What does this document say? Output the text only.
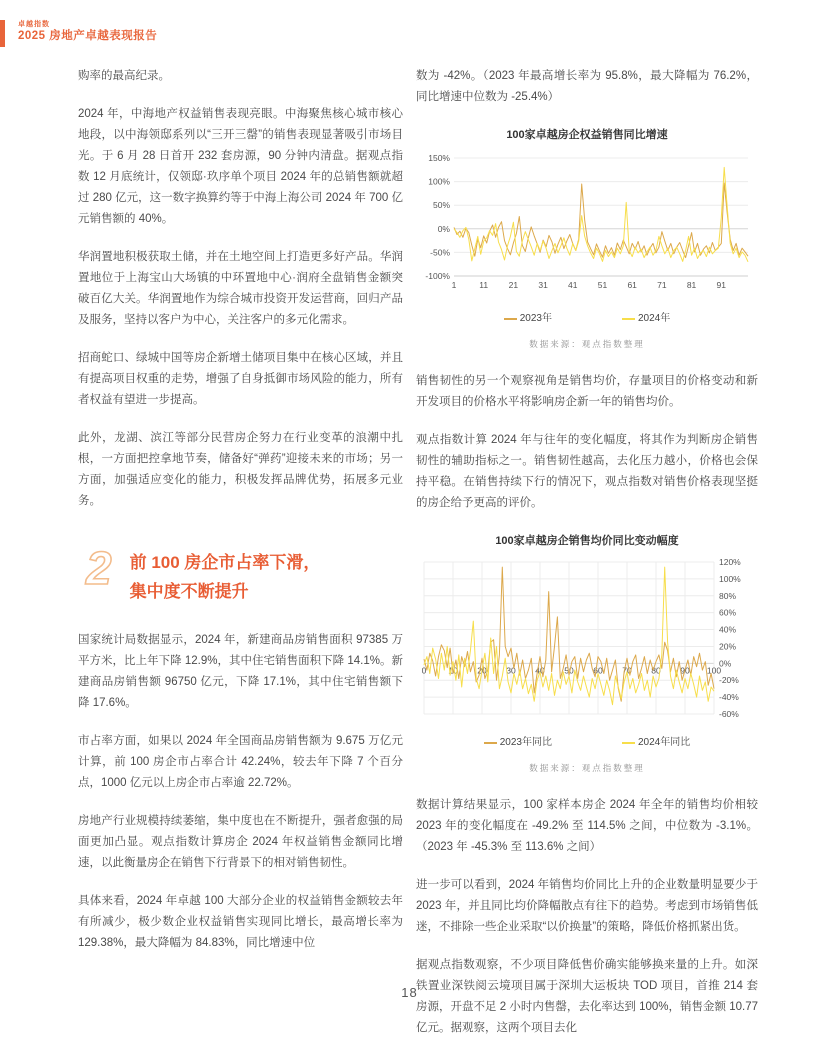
卓越指数
2025 房地产卓越表现报告

购率的最高纪录。

2024 年，中海地产权益销售表现亮眼。中海聚焦核心城市核心地段，以中海领邸系列以“三开三罄”的销售表现显著吸引市场目光。于 6 月 28 日首开 232 套房源，90 分钟内清盘。据观点指数 12 月底统计，仅领邸·玖序单个项目 2024 年的总销售额就超过 280 亿元，这一数字换算约等于中海上海公司 2024 年 700 亿元销售额的 40%。

华润置地积极获取土储，并在土地空间上打造更多好产品。华润置地位于上海宝山大场镇的中环置地中心·润府全盘销售金额突破百亿大关。华润置地作为综合城市投资开发运营商，回归产品及服务，坚持以客户为中心，关注客户的多元化需求。

招商蛇口、绿城中国等房企新增土储项目集中在核心区域，并且有提高项目权重的走势，增强了自身抵御市场风险的能力，所有者权益有望进一步提高。

此外，龙湖、滨江等部分民营房企努力在行业变革的浪潮中扎根，一方面把控拿地节奏，储备好“弹药”迎接未来的市场；另一方面，加强适应变化的能力，积极发挥品牌优势，拓展多元业务。

2 前 100 房企市占率下滑，
集中度不断提升

国家统计局数据显示，2024 年，新建商品房销售面积 97385 万平方米，比上年下降 12.9%，其中住宅销售面积下降 14.1%。新建商品房销售额 96750 亿元，下降 17.1%，其中住宅销售额下降 17.6%。

市占率方面，如果以 2024 年全国商品房销售额为 9.675 万亿元计算，前 100 房企市占率合计 42.24%，较去年下降 7 个百分点，1000 亿元以上房企市占率逾 22.72%。

房地产行业规模持续萎缩，集中度也在不断提升，强者愈强的局面更加凸显。观点指数计算房企 2024 年权益销售金额同比增速，以此衡量房企在销售下行背景下的相对销售韧性。

具体来看，2024 年卓越 100 大部分企业的权益销售金额较去年有所减少，极少数企业权益销售实现同比增长，最高增长率为 129.38%，最大降幅为 84.83%，同比增速中位

数为 -42%。（2023 年最高增长率为 95.8%，最大降幅为 76.2%，同比增速中位数为 -25.4%）

100家卓越房企权益销售同比增速
150%
100%
50%
0%
-50%
-100%
1	11 21 31 41 51 61 71 81 91
2023年	2024年
数据来源：观点指数整理

销售韧性的另一个观察视角是销售均价，存量项目的价格变动和新开发项目的价格水平将影响房企新一年的销售均价。

观点指数计算 2024 年与往年的变化幅度，将其作为判断房企销售韧性的辅助指标之一。销售韧性越高，去化压力越小，价格也会保持平稳。在销售持续下行的情况下，观点指数对销售价格表现坚挺的房企给予更高的评价。

100家卓越房企销售均价同比变动幅度
120%
100%
80%
60%
40%
20%
0%
-20%
-40%
-60%
0	10 20 30 40 50 60 70 80 90 100
2023年同比	2024年同比
数据来源：观点指数整理

数据计算结果显示，100 家样本房企 2024 年全年的销售均价相较 2023 年的变化幅度在 -49.2% 至 114.5% 之间，中位数为 -3.1%。（2023 年 -45.3% 至 113.6% 之间）

进一步可以看到，2024 年销售均价同比上升的企业数量明显要少于 2023 年，并且同比均价降幅散点有往下的趋势。考虑到市场销售低迷，不排除一些企业采取“以价换量”的策略，降低价格抓紧出货。

据观点指数观察，不少项目降低售价确实能够换来量的上升。如深铁置业深铁阅云境项目属于深圳大运板块 TOD 项目，首推 214 套房源，开盘不足 2 小时内售罄，去化率达到 100%，销售金额 10.77 亿元。据观察，这两个项目去化

18
